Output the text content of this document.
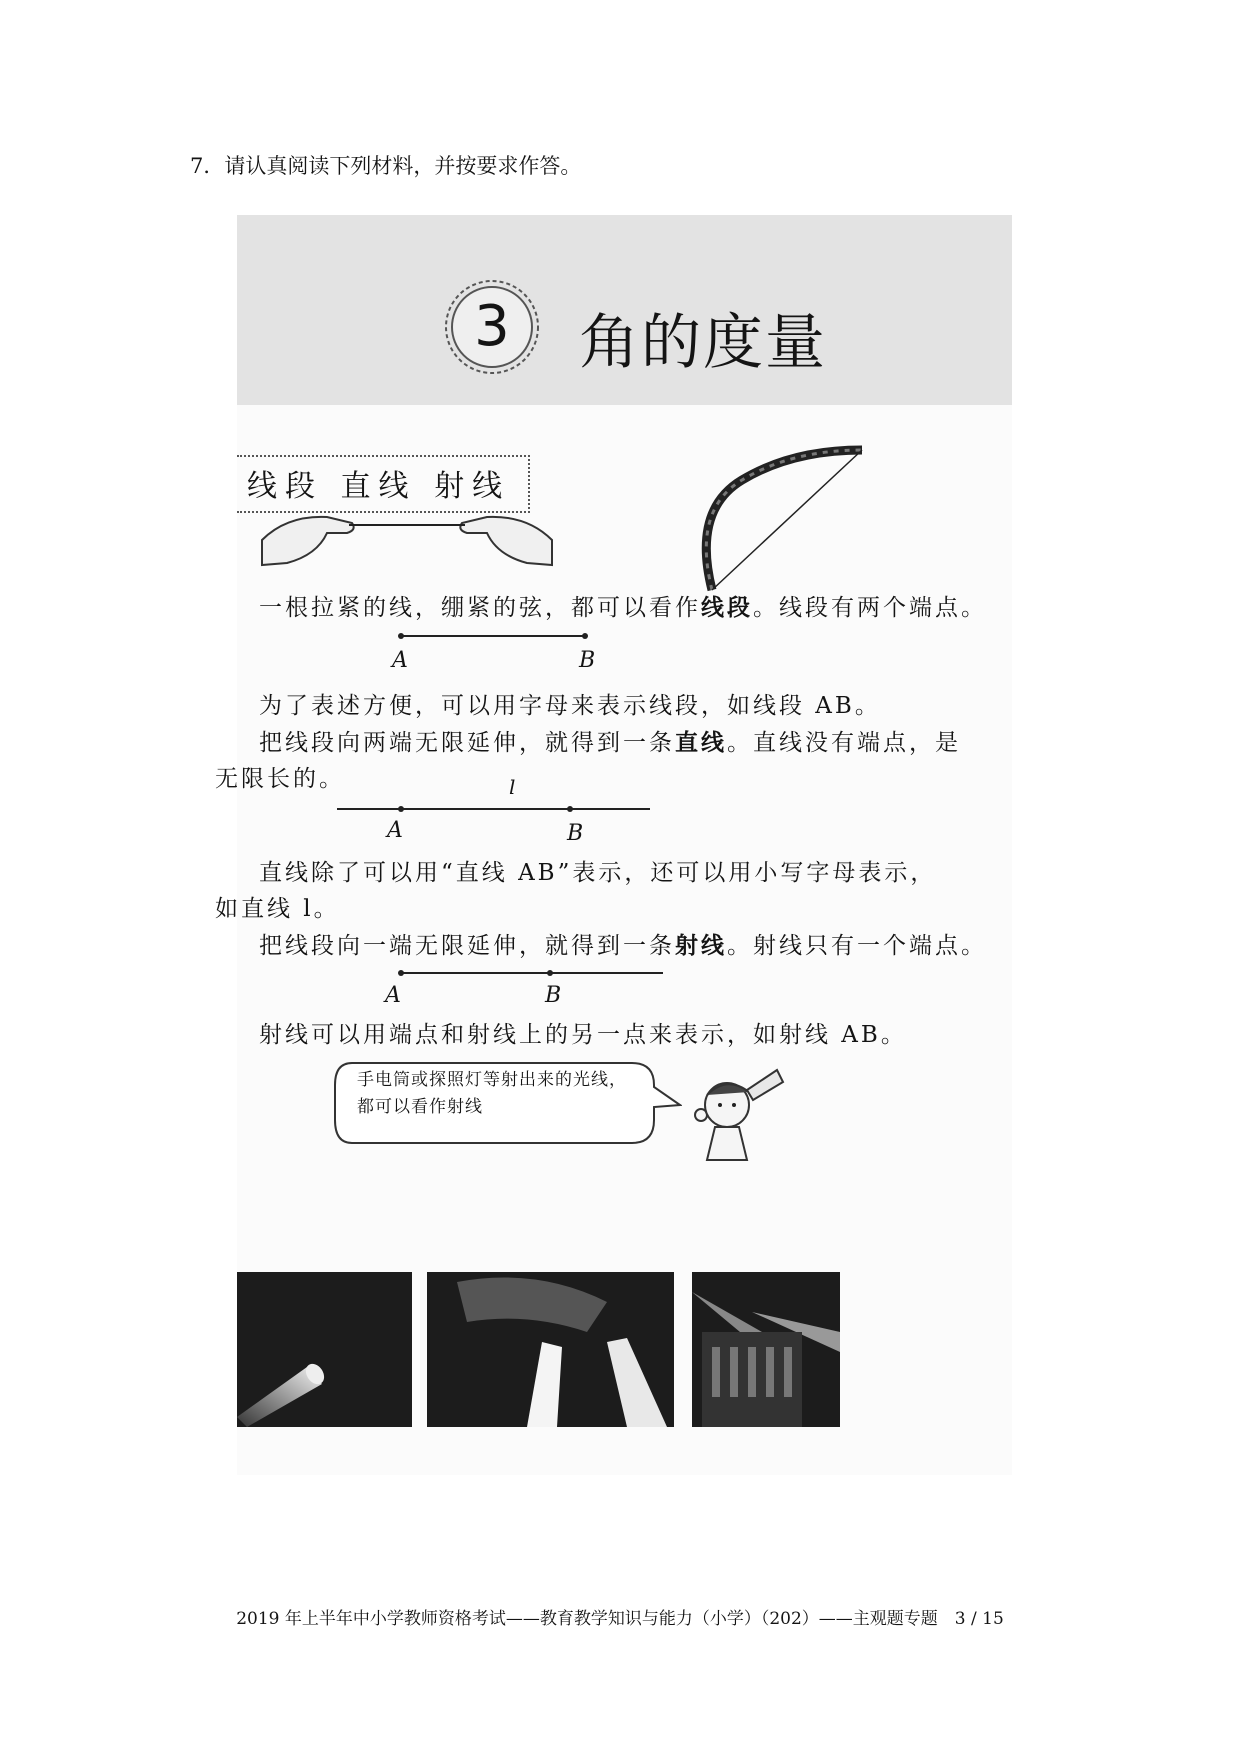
7．请认真阅读下列材料，并按要求作答。
3	角的度量
线段 直线 射线
一根拉紧的线，绷紧的弦，都可以看作线段。线段有两个端点。
A	B
为了表述方便，可以用字母来表示线段，如线段 AB。
把线段向两端无限延伸，就得到一条直线。直线没有端点，是
无限长的。	l
A	B
直线除了可以用“直线 AB”表示，还可以用小写字母表示，
如直线 l。
把线段向一端无限延伸，就得到一条射线。射线只有一个端点。
A	B
射线可以用端点和射线上的另一点来表示，如射线 AB。
手电筒或探照灯等射出来的光线，
都可以看作射线
2019 年上半年中小学教师资格考试——教育教学知识与能力（小学）（202）——主观题专题　3 / 15
